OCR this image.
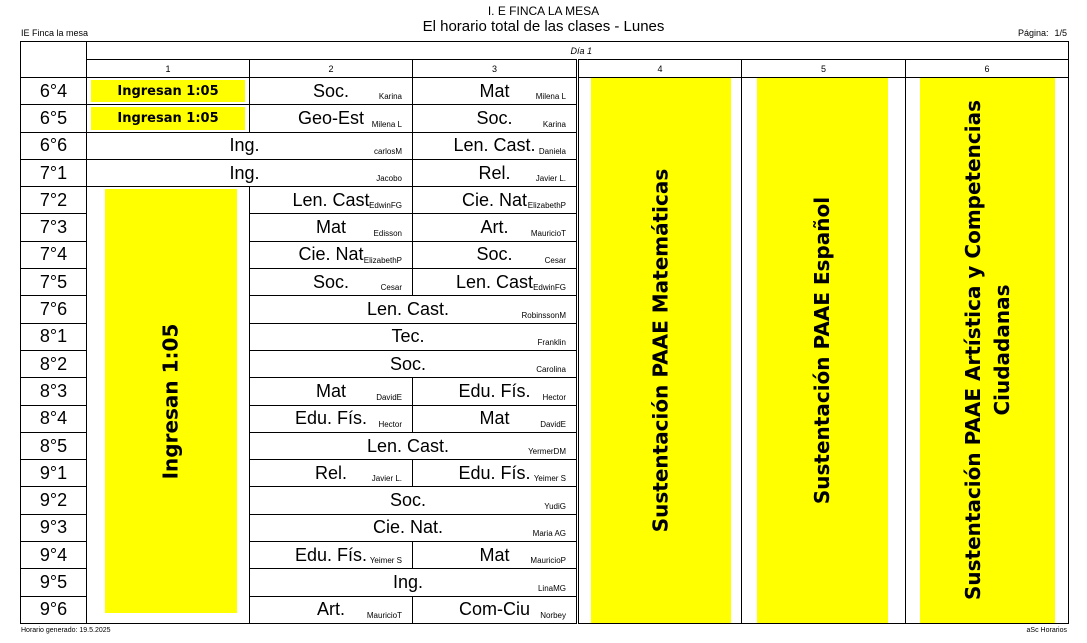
I. E FINCA LA MESA
El horario total de las clases - Lunes
IE Finca la mesa	Página: 1/5
	Día 1					
	1	2	3	4	5	6
6°4	Ingresan 1:05	Soc. Karina	Mat Milena L	Sustentación PAAE Matemáticas	Sustentación PAAE Español	Sustentación PAAE Artística y Competencias Ciudadanas

6°5	Ingresan 1:05	Geo-Est Milena L	Soc. Karina			

6°6	Ing. carlosM		Len. Cast. Daniela			

7°1	Ing. Jacobo		Rel. Javier L.			

7°2	Ingresan 1:05	Len. Cast EdwinFG	Cie. Nat ElizabethP			

7°3		Mat Edisson	Art. MauricioT			

7°4		Cie. Nat ElizabethP	Soc. Cesar			

7°5		Soc. Cesar	Len. Cast EdwinFG			

7°6		Len. Cast. RobinssonM				

8°1		Tec. Franklin				

8°2		Soc. Carolina				

8°3		Mat DavidE	Edu. Fís. Hector			

8°4		Edu. Fís. Hector	Mat DavidE			

8°5		Len. Cast. YermerDM				

9°1		Rel. Javier L.	Edu. Fís. Yeimer S			

9°2		Soc. YudiG				

9°3		Cie. Nat. Maria AG				

9°4		Edu. Fís. Yeimer S	Mat MauricioP			

9°5		Ing. LinaMG				

9°6		Art. MauricioT	Com-Ciu Norbey			
Horario generado: 19.5.2025	aSc Horarios
